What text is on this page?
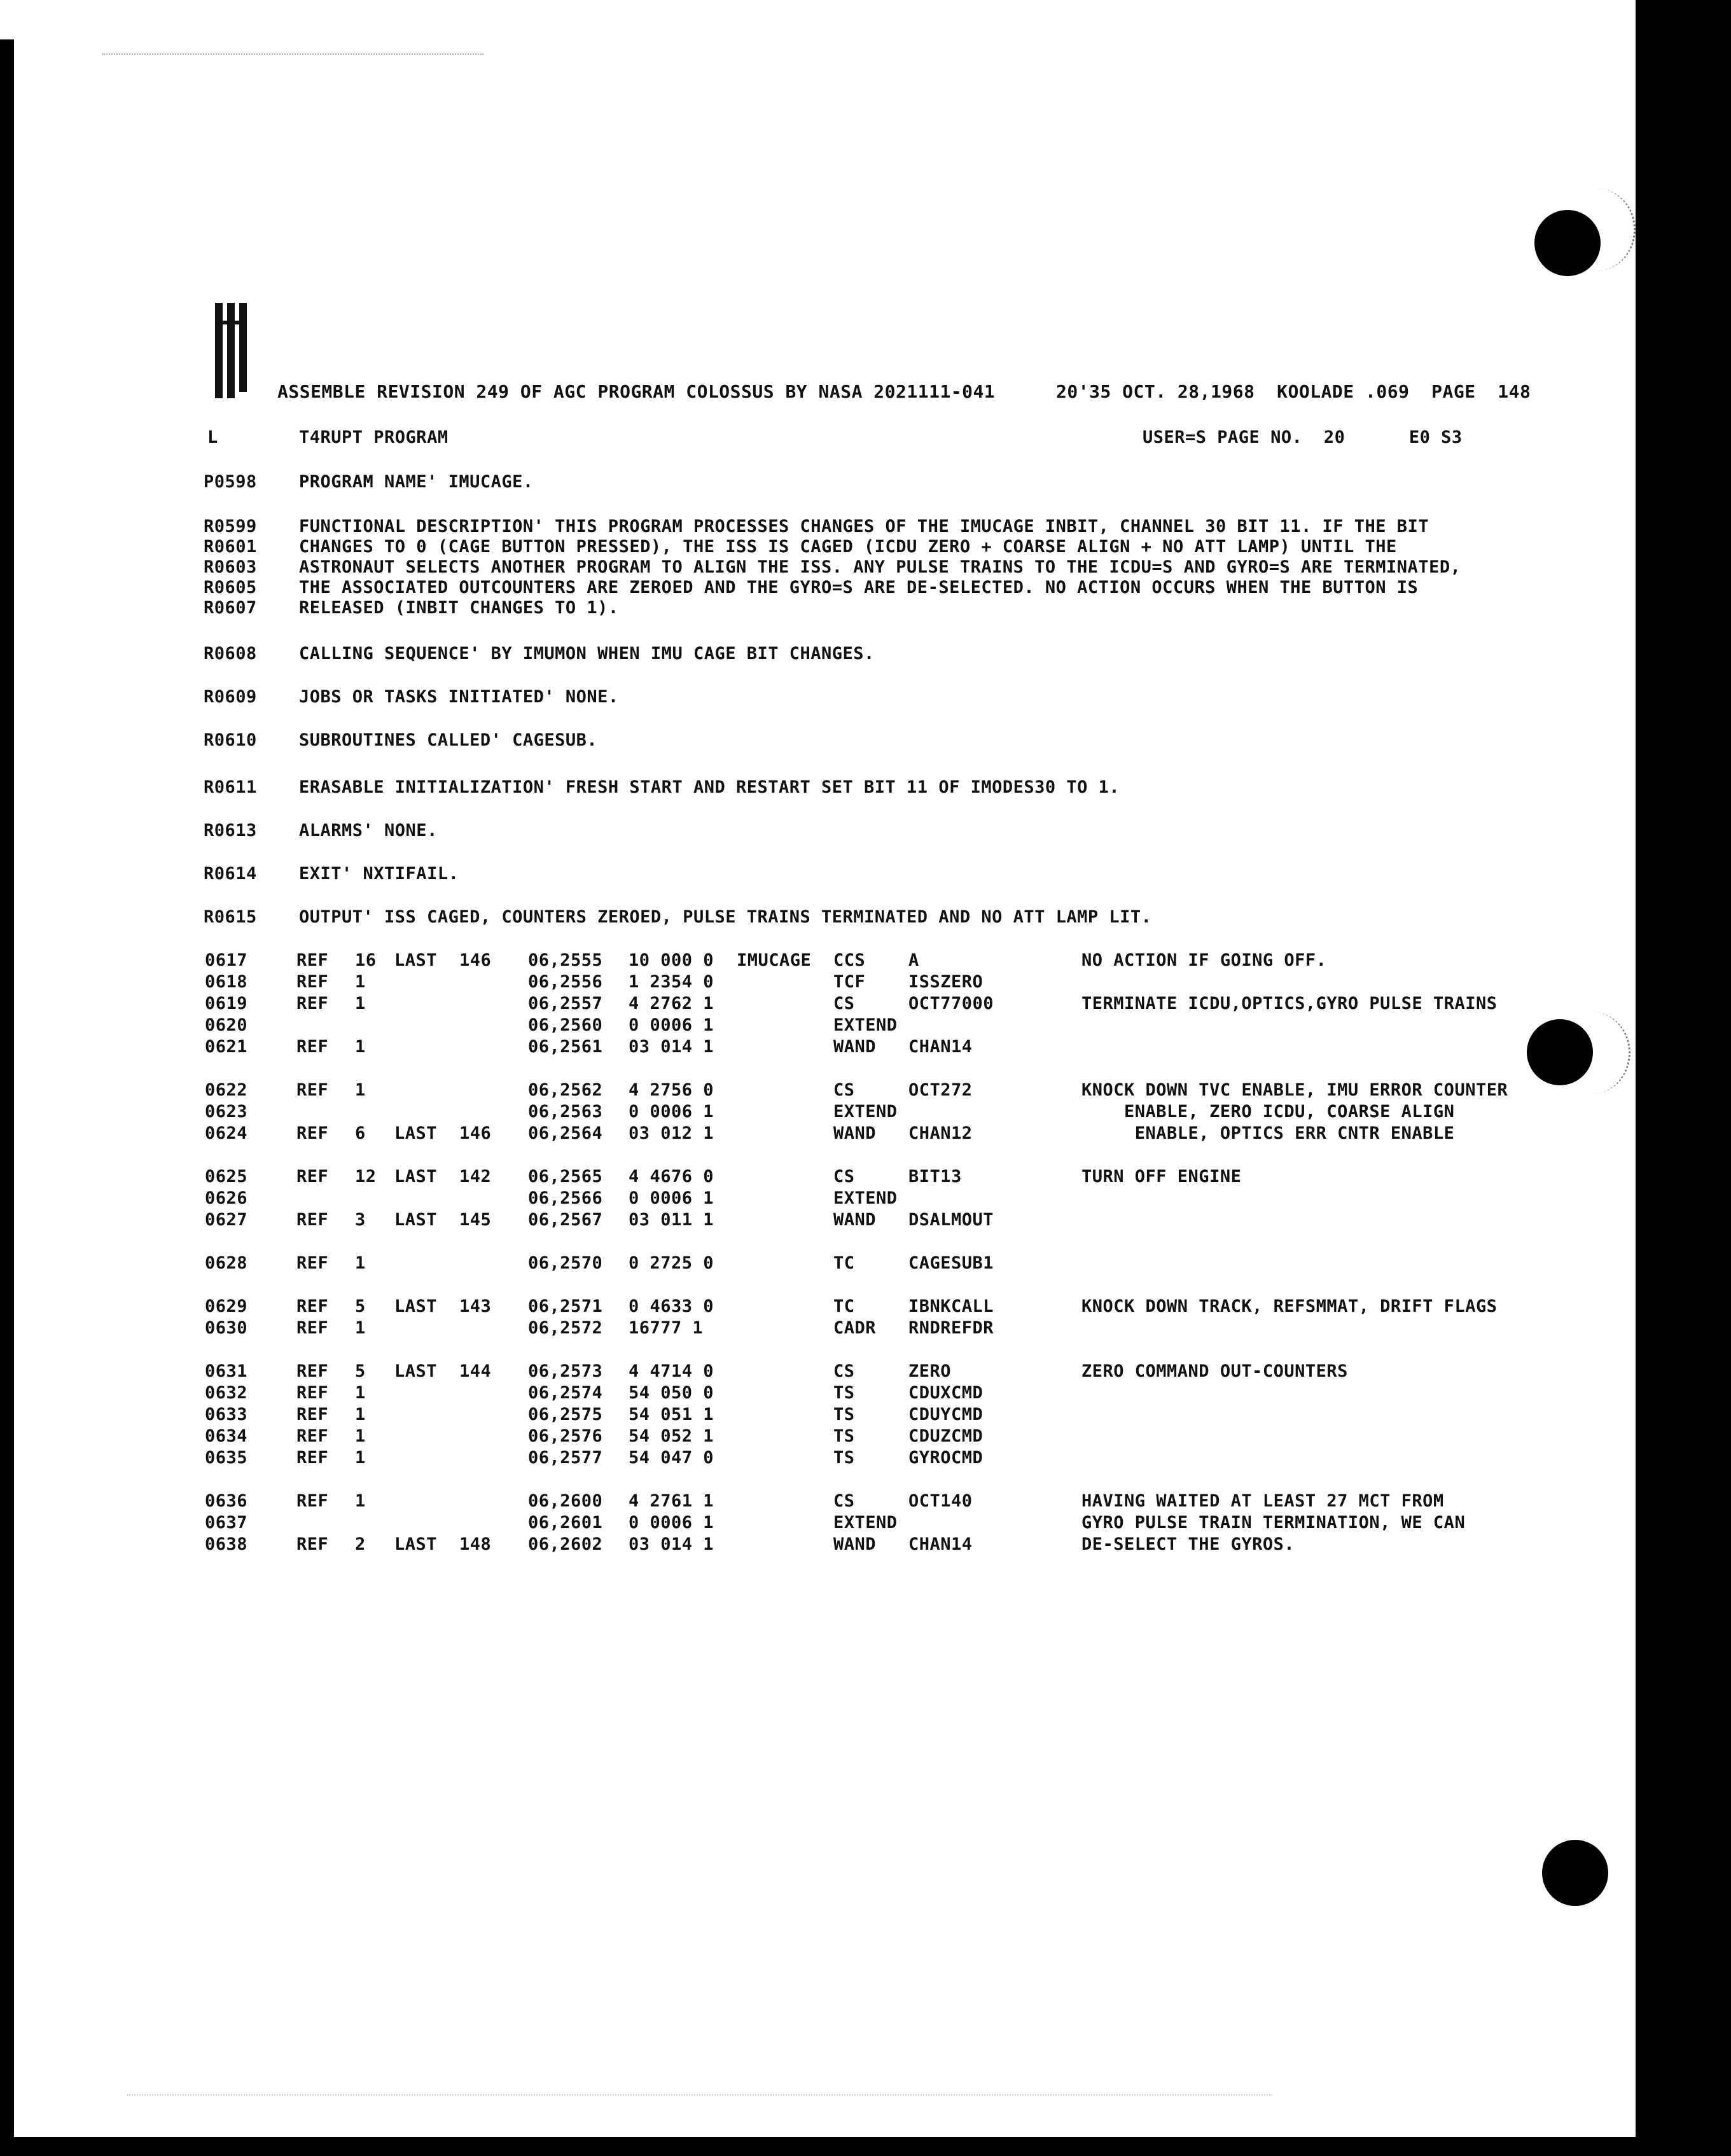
ASSEMBLE REVISION 249 OF AGC PROGRAM COLOSSUS BY NASA 2021111-041	20'35 OCT. 28,1968  KOOLADE .069  PAGE  148
L	T4RUPT PROGRAM	USER=S PAGE NO.  20      E0 S3
P0598 PROGRAM NAME' IMUCAGE.
R0599 FUNCTIONAL DESCRIPTION' THIS PROGRAM PROCESSES CHANGES OF THE IMUCAGE INBIT, CHANNEL 30 BIT 11. IF THE BIT
R0601 CHANGES TO 0 (CAGE BUTTON PRESSED), THE ISS IS CAGED (ICDU ZERO + COARSE ALIGN + NO ATT LAMP) UNTIL THE
R0603 ASTRONAUT SELECTS ANOTHER PROGRAM TO ALIGN THE ISS. ANY PULSE TRAINS TO THE ICDU=S AND GYRO=S ARE TERMINATED,
R0605 THE ASSOCIATED OUTCOUNTERS ARE ZEROED AND THE GYRO=S ARE DE-SELECTED. NO ACTION OCCURS WHEN THE BUTTON IS
R0607 RELEASED (INBIT CHANGES TO 1).
R0608 CALLING SEQUENCE' BY IMUMON WHEN IMU CAGE BIT CHANGES.
R0609 JOBS OR TASKS INITIATED' NONE.
R0610 SUBROUTINES CALLED' CAGESUB.
R0611 ERASABLE INITIALIZATION' FRESH START AND RESTART SET BIT 11 OF IMODES30 TO 1.
R0613 ALARMS' NONE.
R0614 EXIT' NXTIFAIL.
R0615 OUTPUT' ISS CAGED, COUNTERS ZEROED, PULSE TRAINS TERMINATED AND NO ATT LAMP LIT.
0617	REF 16 LAST 146 06,2555 10 000 0 IMUCAGE CCS	A	NO ACTION IF GOING OFF.
0618	REF 1	06,2556 1 2354 0	TCF	ISSZERO
0619	REF 1	06,2557 4 2762 1	CS	OCT77000	TERMINATE ICDU,OPTICS,GYRO PULSE TRAINS
0620	06,2560 0 0006 1	EXTEND
0621	REF 1	06,2561 03 014 1	WAND CHAN14
0622	REF 1	06,2562 4 2756 0	CS	OCT272	KNOCK DOWN TVC ENABLE, IMU ERROR COUNTER
0623	06,2563 0 0006 1	EXTEND	ENABLE, ZERO ICDU, COARSE ALIGN
0624	REF 6 LAST 146 06,2564 03 012 1	WAND CHAN12	ENABLE, OPTICS ERR CNTR ENABLE
0625	REF 12 LAST 142 06,2565 4 4676 0	CS	BIT13	TURN OFF ENGINE
0626	06,2566 0 0006 1	EXTEND
0627	REF 3 LAST 145 06,2567 03 011 1	WAND DSALMOUT
0628	REF 1	06,2570 0 2725 0	TC	CAGESUB1
0629	REF 5 LAST 143 06,2571 0 4633 0	TC	IBNKCALL	KNOCK DOWN TRACK, REFSMMAT, DRIFT FLAGS
0630	REF 1	06,2572 16777 1	CADR RNDREFDR
0631	REF 5 LAST 144 06,2573 4 4714 0	CS	ZERO	ZERO COMMAND OUT-COUNTERS
0632	REF 1	06,2574 54 050 0	TS	CDUXCMD
0633	REF 1	06,2575 54 051 1	TS	CDUYCMD
0634	REF 1	06,2576 54 052 1	TS	CDUZCMD
0635	REF 1	06,2577 54 047 0	TS	GYROCMD
0636	REF 1	06,2600 4 2761 1	CS	OCT140	HAVING WAITED AT LEAST 27 MCT FROM
0637	06,2601 0 0006 1	EXTEND	GYRO PULSE TRAIN TERMINATION, WE CAN
0638	REF 2 LAST 148 06,2602 03 014 1	WAND CHAN14	DE-SELECT THE GYROS.
